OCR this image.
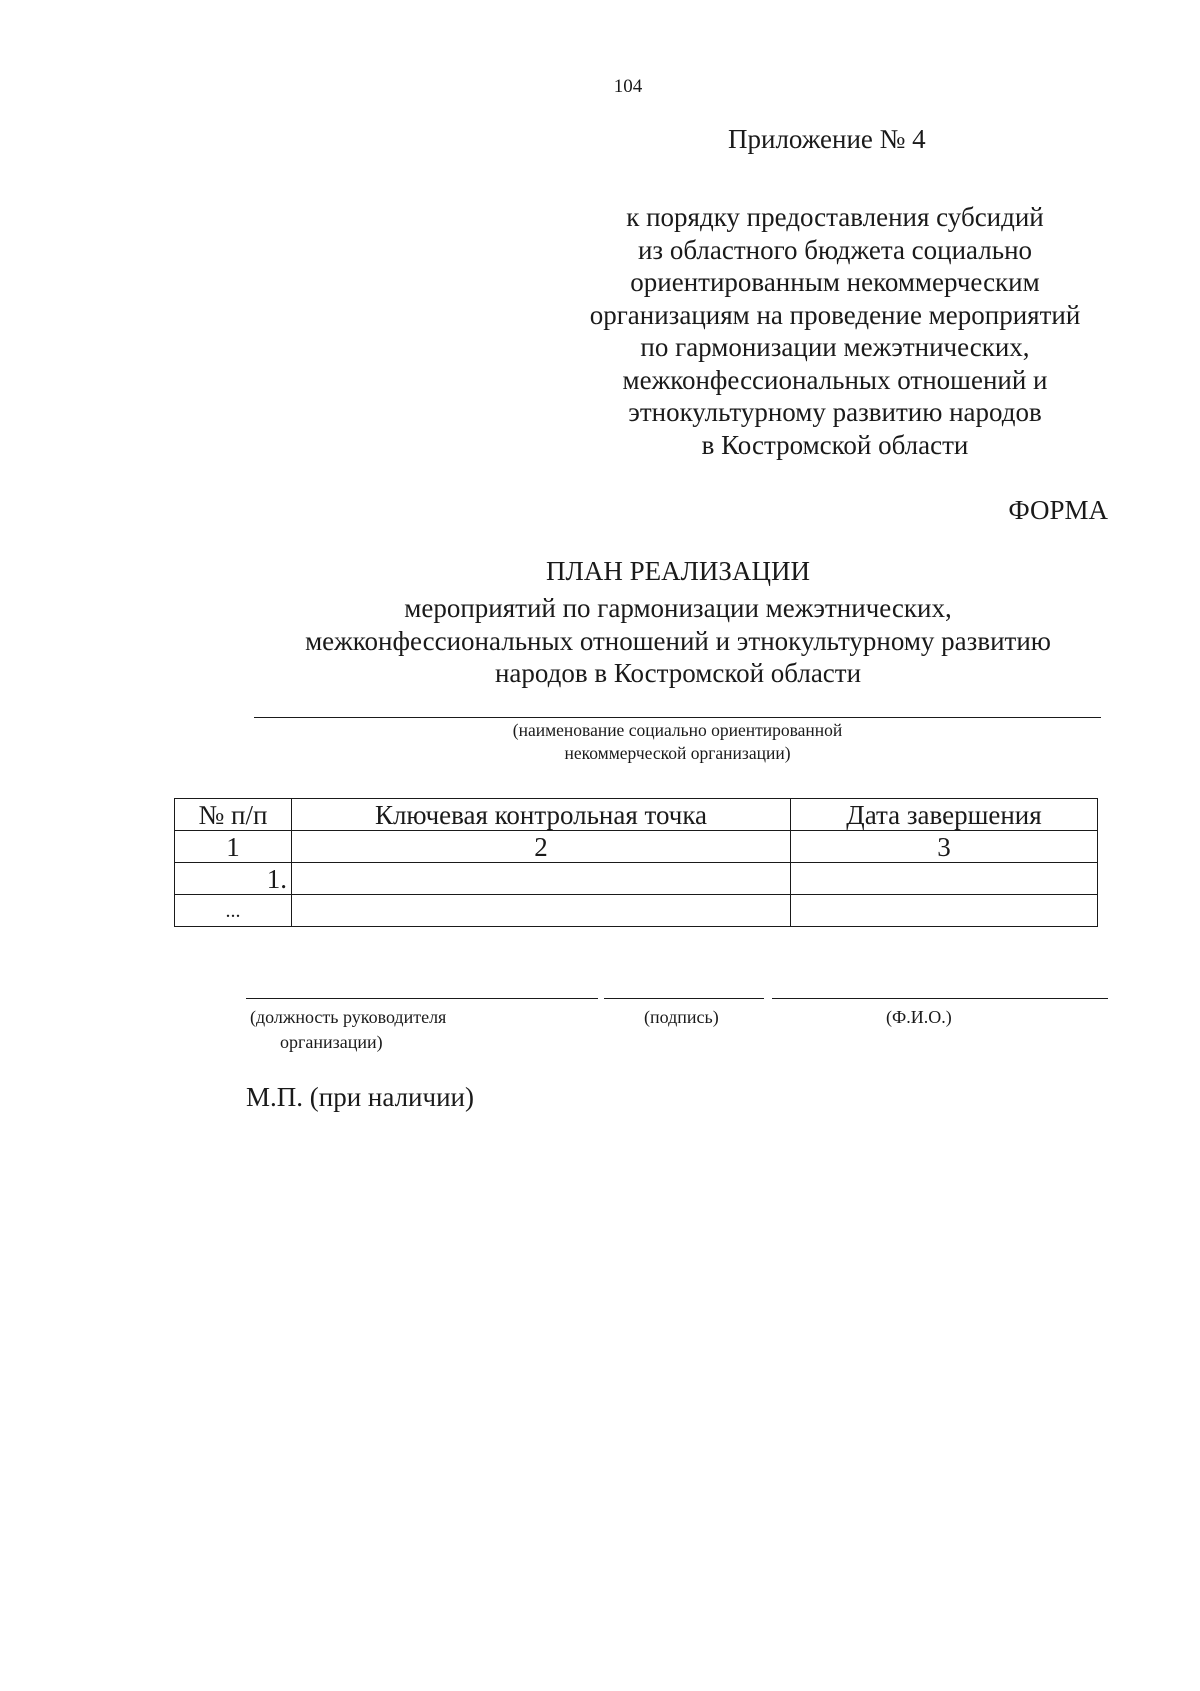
104
Приложение № 4
к порядку предоставления субсидий
из областного бюджета социально
ориентированным некоммерческим
организациям на проведение мероприятий
по гармонизации межэтнических,
межконфессиональных отношений и
этнокультурному развитию народов
в Костромской области
ФОРМА
ПЛАН РЕАЛИЗАЦИИ
мероприятий по гармонизации межэтнических,
межконфессиональных отношений и этнокультурному развитию
народов в Костромской области
(наименование социально ориентированной
некоммерческой организации)
№ п/п	Ключевая контрольная точка	Дата завершения
1	2	3
1.		
...		
(должность руководителя
организации)
(подпись)	(Ф.И.О.)
М.П. (при наличии)
